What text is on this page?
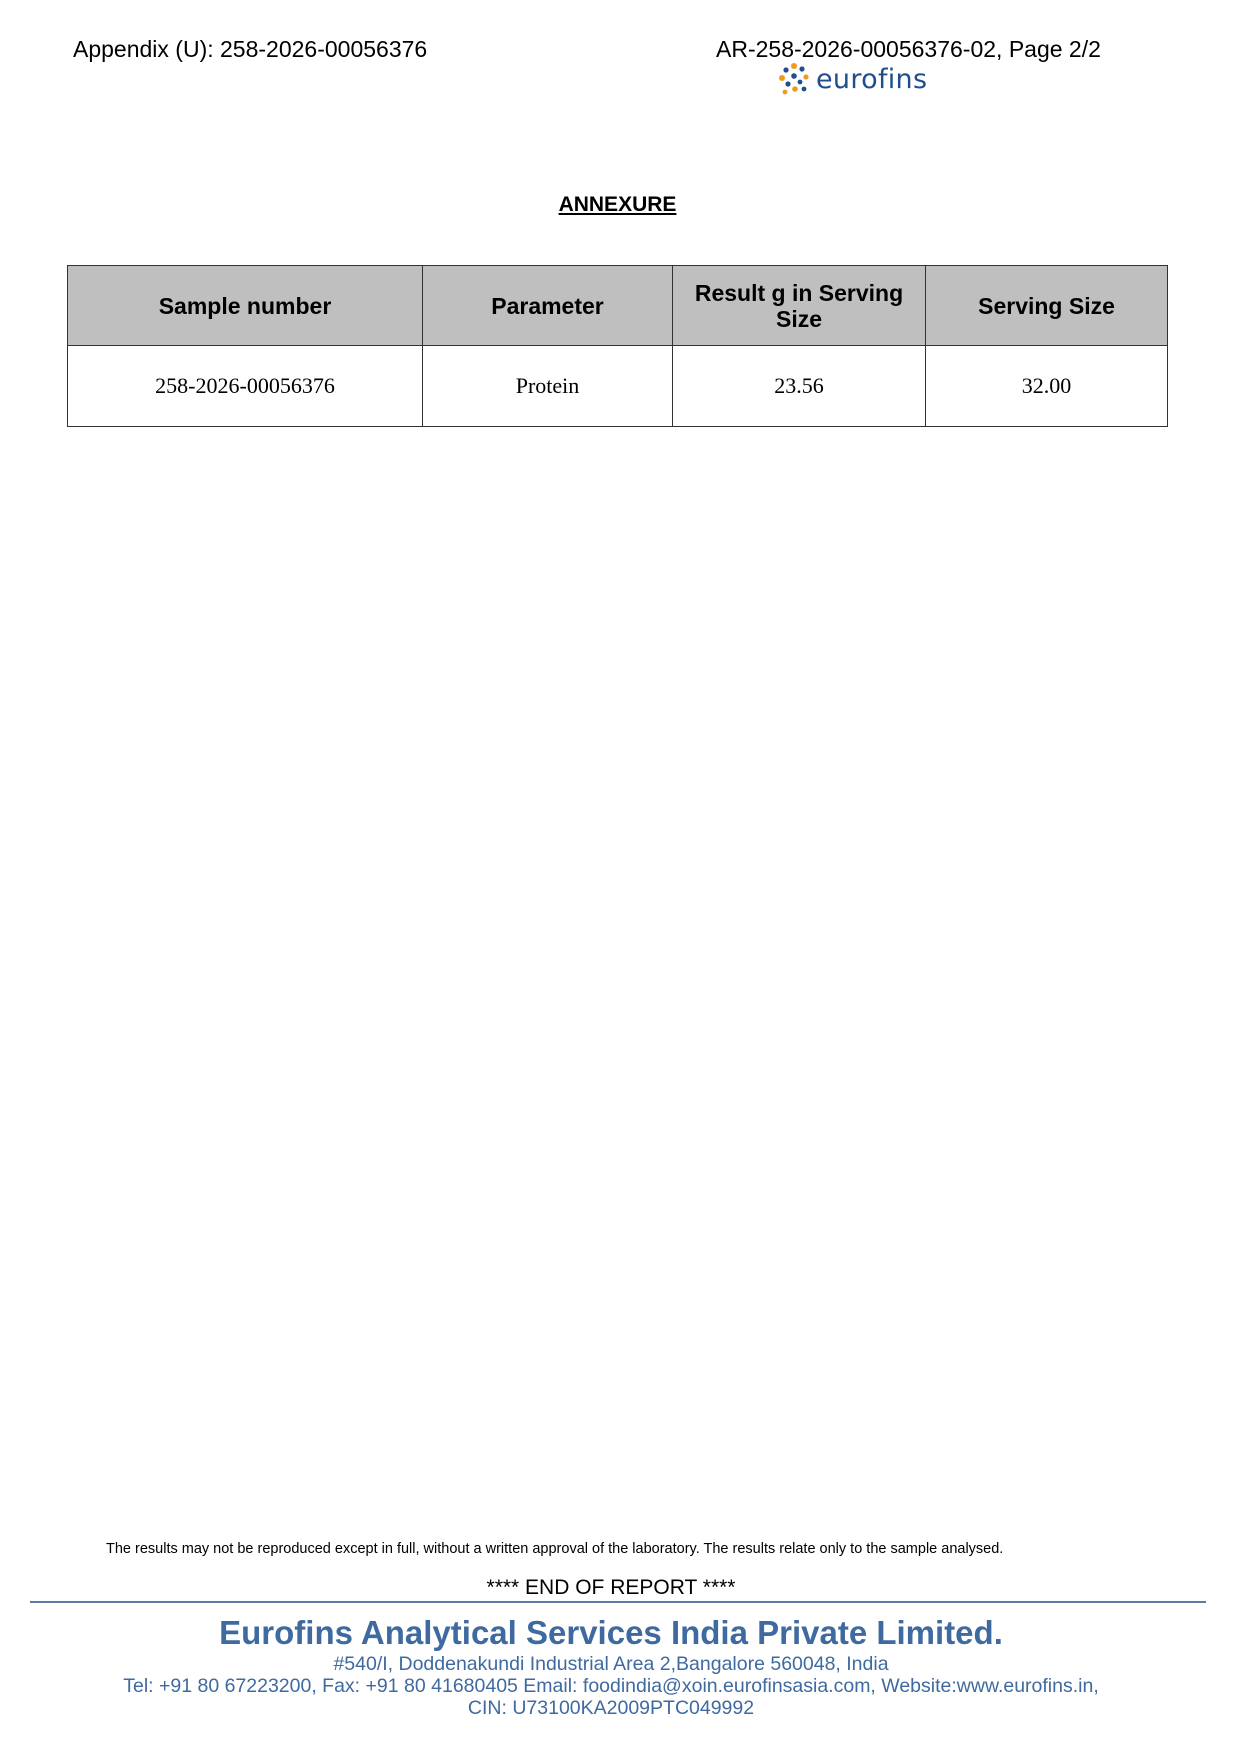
Appendix (U): 258-2026-00056376	AR-258-2026-00056376-02, Page 2/2
eurofins
ANNEXURE
Sample number	Parameter	Result g in Serving Size	Serving Size
258-2026-00056376	Protein	23.56	32.00
The results may not be reproduced except in full, without a written approval of the laboratory. The results relate only to the sample analysed.
**** END OF REPORT ****
Eurofins Analytical Services India Private Limited.
#540/I, Doddenakundi Industrial Area 2,Bangalore 560048, India
Tel: +91 80 67223200, Fax: +91 80 41680405 Email: foodindia@xoin.eurofinsasia.com, Website:www.eurofins.in,
CIN: U73100KA2009PTC049992
